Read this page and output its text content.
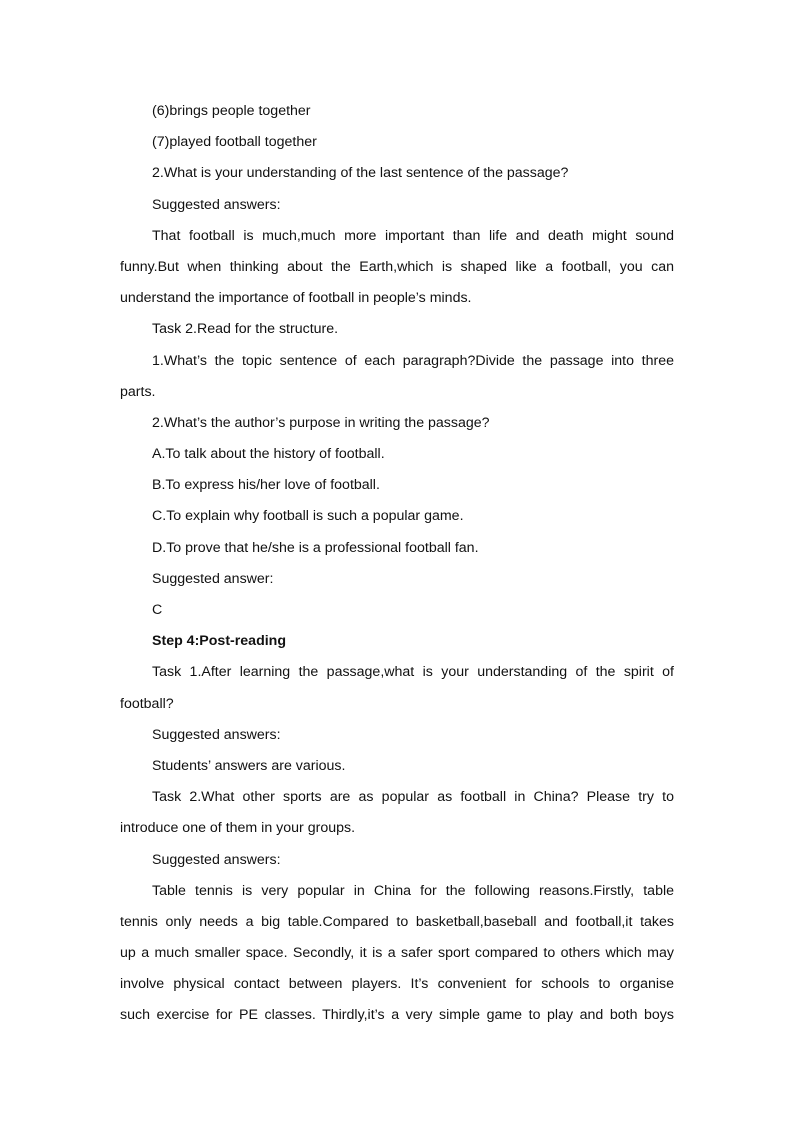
(6)brings people together
(7)played football together
2.What is your understanding of the last sentence of the passage?
Suggested answers:
That football is much,much more important than life and death might sound
funny.But when thinking about the Earth,which is shaped like a football, you can
understand the importance of football in people’s minds.
Task 2.Read for the structure.
1.What’s the topic sentence of each paragraph?Divide the passage into three
parts.
2.What’s the author’s purpose in writing the passage?
A.To talk about the history of football.
B.To express his/her love of football.
C.To explain why football is such a popular game.
D.To prove that he/she is a professional football fan.
Suggested answer:
C
Step 4:Post-reading
Task 1.After learning the passage,what is your understanding of the spirit of
football?
Suggested answers:
Students’ answers are various.
Task 2.What other sports are as popular as football in China? Please try to
introduce one of them in your groups.
Suggested answers:
Table tennis is very popular in China for the following reasons.Firstly, table
tennis only needs a big table.Compared to basketball,baseball and football,it takes
up a much smaller space. Secondly, it is a safer sport compared to others which may
involve physical contact between players. It’s convenient for schools to organise
such exercise for PE classes. Thirdly,it’s a very simple game to play and both boys
